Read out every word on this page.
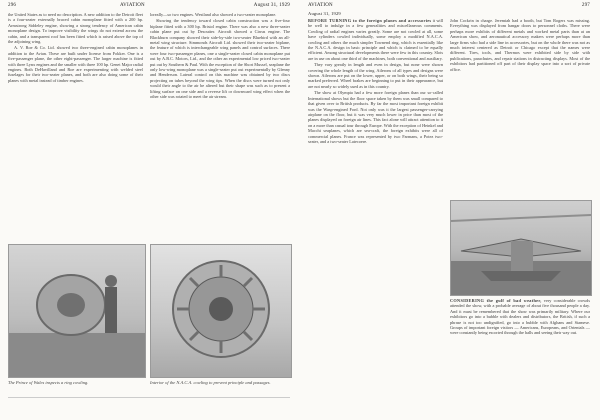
296	AVIATION	August 31, 1929

the United States as to need no description. A new addition to the Detroit fleet is a four-seater externally braced cabin monoplane fitted with a 200 hp. Armstrong Siddeley engine, showing a strong tendency of American cabin monoplane design. To improve visibility the wings do not extend across the cabin, and a transparent roof has been fitted which is raised above the top of the adjoining wing.

A. V. Roe & Co. Ltd. showed two three-engined cabin monoplanes in addition to the Avian. These are built under license from Fokker. One is a five-passenger plane, the other eight-passenger. The larger machine is fitted with three Lynx engines and the smaller with three 100 hp. Genet Major radial engines. Both DeHavilland and Roe are experimenting with welded steel fuselages for their two-seater planes, and both are also doing some of their planes with metal instead of timber engines.

loreally—so two engines. Westland also showed a two-seater monoplane.

Showing the tendency toward closed cabin construction was a five-four biplane fitted with a 300 hp. Bristol engine. There was also a new three-seater cabin plane put out by Desoutter. Aircraft showed a Cirrus engine. The Blackburn company showed their side-by-side two-seater Bluebird with an all-metal wing structure. Simmonds Aircraft Ltd. showed their two-seater biplane, the feature of which is interchangeable wing panels and control surfaces. There were four two-passenger planes, one a single-seater closed cabin monoplane put out by A.B.C. Motors, Ltd., and the other an experimental low priced two-seater put out by Southern & Paul. With the exception of the Short Mussel, seaplane the only low-wing monoplane was a single-seater put out experimentally by Glenny and Henderson. Lateral control on this machine was obtained by two discs projecting on tubes beyond the wing tips. When the discs were turned not only would their angle to the air be altered but their shape was such as to present a lifting surface on one side and a reverse lift or downward wing effect when the other side was rotated to meet the air stream.

The Prince of Wales inspects a ring cowling.	Interior of the N.A.C.A. cowling to prevent principle and passages.
AVIATION
August 31, 1929
297

BEFORE TURNING to the foreign planes and accessories it will be well to indulge in a few generalities and miscellaneous comments. Cowling of radial engines varies greatly. Some are not cowled at all, some have cylinders cowled individually, some employ a modified N.A.C.A. cowling and others the much simpler Townend ring, which is essentially like the N.A.C.A. design in basic principle and which is claimed to be equally efficient. Among structural developments there were few in this country. Slots are in use on about one third of the machines, both conventional and auxiliary.

They vary greatly in length and even in design, but none were shown covering the whole length of the wing. Ailerons of all types and designs were shown. Ailerons are put on the lower, upper, or on both wings, their being so marked preferred. Wheel brakes are beginning to put in their appearance, but are not nearly so widely used as in this country.

The show at Olympia had a few more foreign planes than our so-called International shows but the floor space taken by them was small compared to that given over to British products. By far the most important foreign exhibit was the Wasp-engined Ford. Not only was it the largest passenger-carrying airplane on the floor, but it was very much lower in price than most of the planes displayed on foreign air lines. This fact alone will attract attention to it on a more than casual tour through Europe. With the exception of Heinkel and Macchi seaplanes, which are sea-craft, the foreign exhibits were all of commercial planes. France was represented by two Farmans, a Potez two-seater, and a two-seater Latecoere.

John Cockrin in charge. Jeremiah had a booth, but Tom Rogers was missing. Everything was displayed from hangar doors to personnel cloths. There were perhaps more exhibits of different metals and worked metal parts than at an American show, and aeronautical accessory makers were perhaps more than large firms who had a side line in accessories, but on the whole there was not as much interest centered as Detroit or Chicago except that the names were different. Tires, tools, and Thermos were exhibited side by side with publications, parachutes, and repair stations in distracting displays. Most of the exhibitors had partitioned off part of their display space into a sort of private office.

CONSIDERING the gulf of bad weather, very considerable crowds attended the show, with a probable average of about five thousand people a day. And it must be remembered that the show was primarily military. Where our exhibitors go into a bubble with dealers and distributors, the British, if such a phrase is not too undignified, go into a bubble with Afghans and Siamese. Groups of important foreign visitors — Americans, Europeans, and Orientals — were constantly being escorted through the halls and seeing their way out.
